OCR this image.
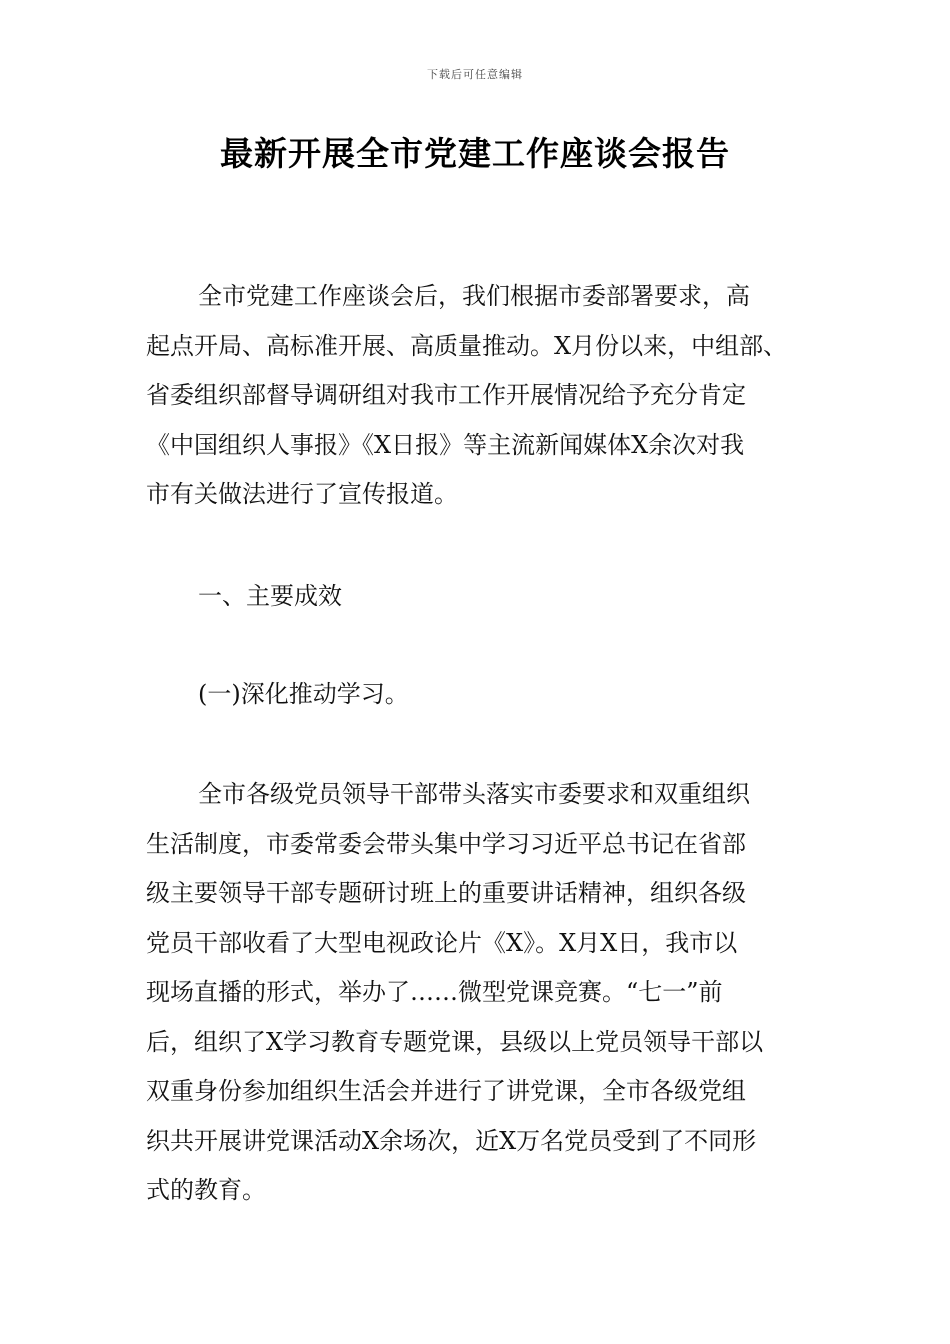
下载后可任意编辑
最新开展全市党建工作座谈会报告
全市党建工作座谈会后，我们根据市委部署要求，高
起点开局、高标准开展、高质量推动。X月份以来，中组部、
省委组织部督导调研组对我市工作开展情况给予充分肯定
《中国组织人事报》《X日报》等主流新闻媒体X余次对我
市有关做法进行了宣传报道。
一、主要成效
(一)深化推动学习。
全市各级党员领导干部带头落实市委要求和双重组织
生活制度，市委常委会带头集中学习习近平总书记在省部
级主要领导干部专题研讨班上的重要讲话精神，组织各级
党员干部收看了大型电视政论片《X》。X月X日，我市以
现场直播的形式，举办了……微型党课竞赛。“七一”前
后，组织了X学习教育专题党课，县级以上党员领导干部以
双重身份参加组织生活会并进行了讲党课，全市各级党组
织共开展讲党课活动X余场次，近X万名党员受到了不同形
式的教育。
